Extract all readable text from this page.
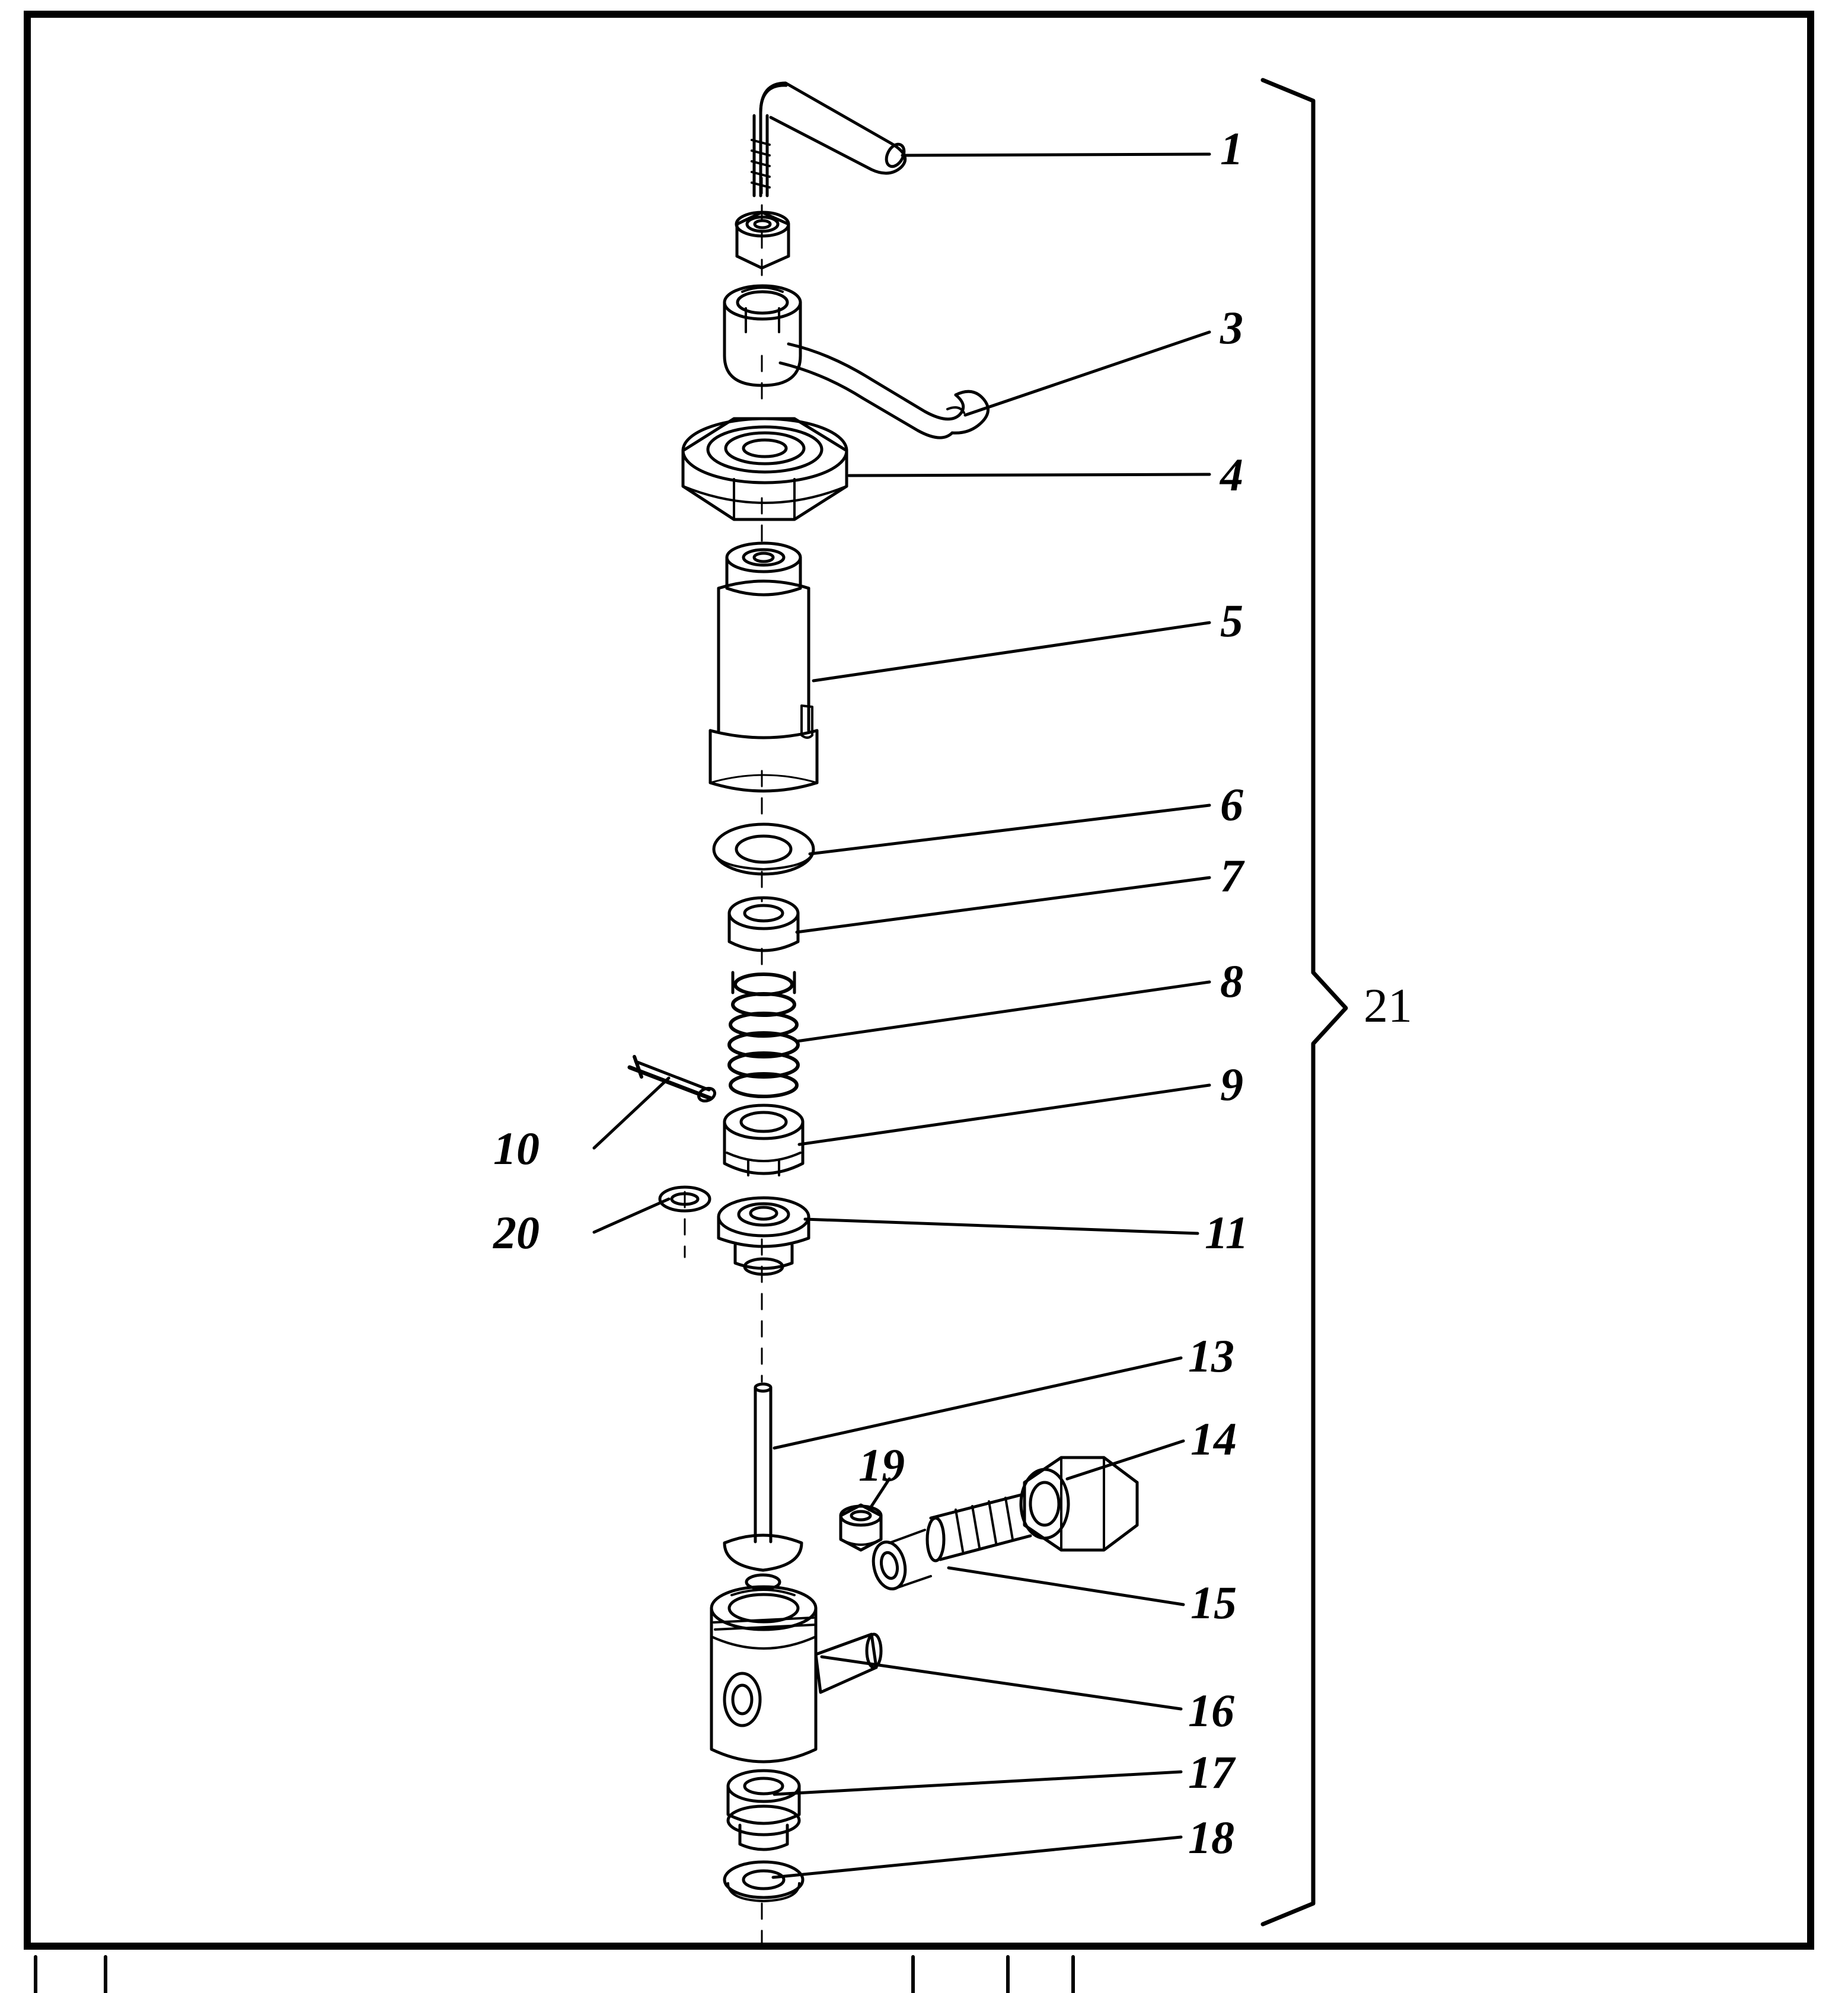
1
3
4
5
6
7
8
9
10
11
20
13
14
19
15
16
17
18
21
